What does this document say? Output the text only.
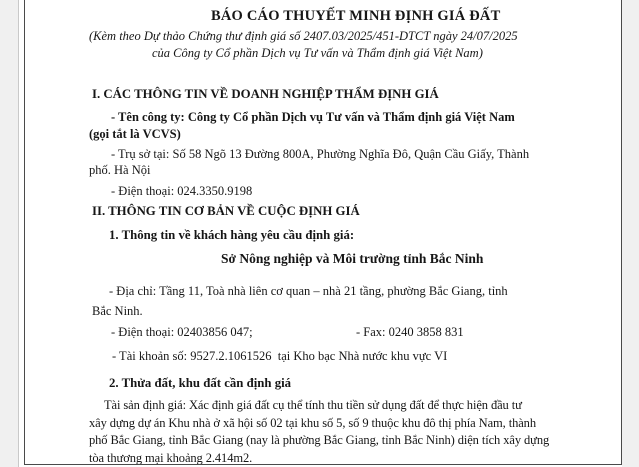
BÁO CÁO THUYẾT MINH ĐỊNH GIÁ ĐẤT
(Kèm theo Dự thảo Chứng thư định giá số 2407.03/2025/451-DTCT ngày 24/07/2025
của Công ty Cổ phần Dịch vụ Tư vấn và Thẩm định giá Việt Nam)
I. CÁC THÔNG TIN VỀ DOANH NGHIỆP THẨM ĐỊNH GIÁ
- Tên công ty: Công ty Cổ phần Dịch vụ Tư vấn và Thẩm định giá Việt Nam
(gọi tắt là VCVS)
- Trụ sở tại: Số 58 Ngõ 13 Đường 800A, Phường Nghĩa Đô, Quận Cầu Giấy, Thành
phố. Hà Nội
- Điện thoại: 024.3350.9198
II. THÔNG TIN CƠ BẢN VỀ CUỘC ĐỊNH GIÁ
1. Thông tin về khách hàng yêu cầu định giá:
Sở Nông nghiệp và Môi trường tỉnh Bắc Ninh
- Địa chỉ: Tầng 11, Toà nhà liên cơ quan – nhà 21 tầng, phường Bắc Giang, tỉnh
Bắc Ninh.
- Điện thoại: 02403856 047;	- Fax: 0240 3858 831
- Tài khoản số: 9527.2.1061526  tại Kho bạc Nhà nước khu vực VI
2. Thửa đất, khu đất cần định giá
Tài sản định giá: Xác định giá đất cụ thể tính thu tiền sử dụng đất để thực hiện đầu tư
xây dựng dự án Khu nhà ở xã hội số 02 tại khu số 5, số 9 thuộc khu đô thị phía Nam, thành
phố Bắc Giang, tỉnh Bắc Giang (nay là phường Bắc Giang, tỉnh Bắc Ninh) diện tích xây dựng
tòa thương mại khoảng 2.414m2.
